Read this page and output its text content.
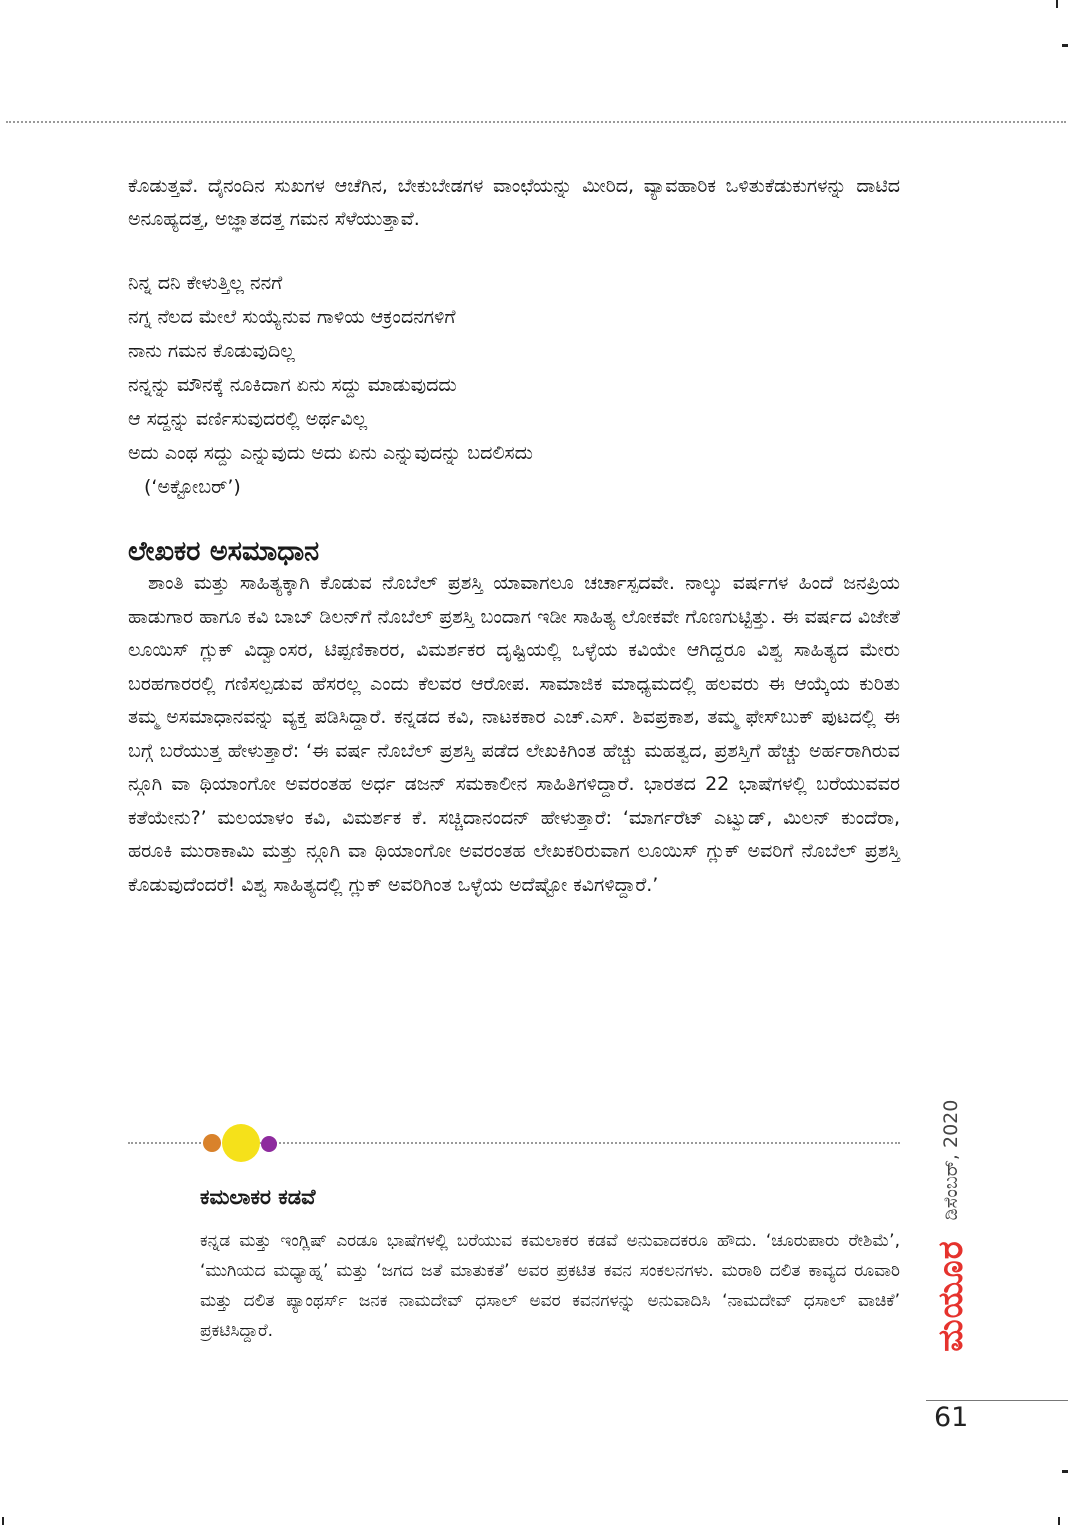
ಕೊಡುತ್ತವೆ. ದೈನಂದಿನ ಸುಖಗಳ ಆಚೆಗಿನ, ಬೇಕುಬೇಡಗಳ ವಾಂಛೆಯನ್ನು ಮೀರಿದ, ವ್ಯಾವಹಾರಿಕ ಒಳಿತುಕೆಡುಕುಗಳನ್ನು ದಾಟಿದ ಅನೂಹ್ಯದತ್ತ, ಅಜ್ಞಾತದತ್ತ ಗಮನ ಸೆಳೆಯುತ್ತಾವೆ.

ನಿನ್ನ ದನಿ ಕೇಳುತ್ತಿಲ್ಲ ನನಗೆ
ನಗ್ನ ನೆಲದ ಮೇಲೆ ಸುಯ್ಯೆನುವ ಗಾಳಿಯ ಆಕ್ರಂದನಗಳಿಗೆ
ನಾನು ಗಮನ ಕೊಡುವುದಿಲ್ಲ
ನನ್ನನ್ನು ಮೌನಕ್ಕೆ ನೂಕಿದಾಗ ಏನು ಸದ್ದು ಮಾಡುವುದದು
ಆ ಸದ್ದನ್ನು ವರ್ಣಿಸುವುದರಲ್ಲಿ ಅರ್ಥವಿಲ್ಲ
ಅದು ಎಂಥ ಸದ್ದು ಎನ್ನುವುದು ಅದು ಏನು ಎನ್ನುವುದನ್ನು ಬದಲಿಸದು
(‘ಅಕ್ಟೋಬರ್’)
ಲೇಖಕರ ಅಸಮಾಧಾನ

ಶಾಂತಿ ಮತ್ತು ಸಾಹಿತ್ಯಕ್ಕಾಗಿ ಕೊಡುವ ನೊಬೆಲ್ ಪ್ರಶಸ್ತಿ ಯಾವಾಗಲೂ ಚರ್ಚಾಸ್ಪದವೇ. ನಾಲ್ಕು ವರ್ಷಗಳ ಹಿಂದೆ ಜನಪ್ರಿಯ ಹಾಡುಗಾರ ಹಾಗೂ ಕವಿ ಬಾಬ್ ಡಿಲನ್‌ಗೆ ನೊಬೆಲ್ ಪ್ರಶಸ್ತಿ ಬಂದಾಗ ಇಡೀ ಸಾಹಿತ್ಯ ಲೋಕವೇ ಗೊಣಗುಟ್ಟಿತ್ತು. ಈ ವರ್ಷದ ವಿಜೇತೆ ಲೂಯಿಸ್ ಗ್ಲುಕ್ ವಿದ್ವಾಂಸರ, ಟಿಪ್ಪಣಿಕಾರರ, ವಿಮರ್ಶಕರ ದೃಷ್ಟಿಯಲ್ಲಿ ಒಳ್ಳೆಯ ಕವಿಯೇ ಆಗಿದ್ದರೂ ವಿಶ್ವ ಸಾಹಿತ್ಯದ ಮೇರು ಬರಹಗಾರರಲ್ಲಿ ಗಣಿಸಲ್ಪಡುವ ಹೆಸರಲ್ಲ ಎಂದು ಕೆಲವರ ಆರೋಪ. ಸಾಮಾಜಿಕ ಮಾಧ್ಯಮದಲ್ಲಿ ಹಲವರು ಈ ಆಯ್ಕೆಯ ಕುರಿತು ತಮ್ಮ ಅಸಮಾಧಾನವನ್ನು ವ್ಯಕ್ತ ಪಡಿಸಿದ್ದಾರೆ. ಕನ್ನಡದ ಕವಿ, ನಾಟಕಕಾರ ಎಚ್.ಎಸ್. ಶಿವಪ್ರಕಾಶ, ತಮ್ಮ ಫೇಸ್‌ಬುಕ್ ಪುಟದಲ್ಲಿ ಈ ಬಗ್ಗೆ ಬರೆಯುತ್ತ ಹೇಳುತ್ತಾರೆ: ‘ಈ ವರ್ಷ ನೊಬೆಲ್ ಪ್ರಶಸ್ತಿ ಪಡೆದ ಲೇಖಕಿಗಿಂತ ಹೆಚ್ಚು ಮಹತ್ವದ, ಪ್ರಶಸ್ತಿಗೆ ಹೆಚ್ಚು ಅರ್ಹರಾಗಿರುವ ನ್ಗೂಗಿ ವಾ ಥಿಯಾಂಗೋ ಅವರಂತಹ ಅರ್ಧ ಡಜನ್ ಸಮಕಾಲೀನ ಸಾಹಿತಿಗಳಿದ್ದಾರೆ. ಭಾರತದ 22 ಭಾಷೆಗಳಲ್ಲಿ ಬರೆಯುವವರ ಕತೆಯೇನು?’ ಮಲಯಾಳಂ ಕವಿ, ವಿಮರ್ಶಕ ಕೆ. ಸಚ್ಚಿದಾನಂದನ್ ಹೇಳುತ್ತಾರೆ: ‘ಮಾರ್ಗರೆಟ್ ಎಟ್ವುಡ್, ಮಿಲನ್ ಕುಂದೆರಾ, ಹರೂಕಿ ಮುರಾಕಾಮಿ ಮತ್ತು ನ್ಗೂಗಿ ವಾ ಥಿಯಾಂಗೋ ಅವರಂತಹ ಲೇಖಕರಿರುವಾಗ ಲೂಯಿಸ್ ಗ್ಲುಕ್ ಅವರಿಗೆ ನೊಬೆಲ್ ಪ್ರಶಸ್ತಿ ಕೊಡುವುದೆಂದರೆ! ವಿಶ್ವ ಸಾಹಿತ್ಯದಲ್ಲಿ ಗ್ಲುಕ್ ಅವರಿಗಿಂತ ಒಳ್ಳೆಯ ಅದೆಷ್ಟೋ ಕವಿಗಳಿದ್ದಾರೆ.’

ಕಮಲಾಕರ ಕಡವೆ

ಕನ್ನಡ ಮತ್ತು ಇಂಗ್ಲಿಷ್ ಎರಡೂ ಭಾಷೆಗಳಲ್ಲಿ ಬರೆಯುವ ಕಮಲಾಕರ ಕಡವೆ ಅನುವಾದಕರೂ ಹೌದು. ‘ಚೂರುಪಾರು ರೇಶಿಮೆ’, ‘ಮುಗಿಯದ ಮಧ್ಯಾಹ್ನ’ ಮತ್ತು ‘ಜಗದ ಜತೆ ಮಾತುಕತೆ’ ಅವರ ಪ್ರಕಟಿತ ಕವನ ಸಂಕಲನಗಳು. ಮರಾಠಿ ದಲಿತ ಕಾವ್ಯದ ರೂವಾರಿ ಮತ್ತು ದಲಿತ ಪ್ಯಾಂಥರ್ಸ್ ಜನಕ ನಾಮದೇವ್ ಧಸಾಲ್ ಅವರ ಕವನಗಳನ್ನು ಅನುವಾದಿಸಿ ‘ನಾಮದೇವ್ ಧಸಾಲ್ ವಾಚಿಕೆ’ ಪ್ರಕಟಿಸಿದ್ದಾರೆ.

ಡಿಸೆಂಬರ್, 2020
ಮಯೂರ
61
